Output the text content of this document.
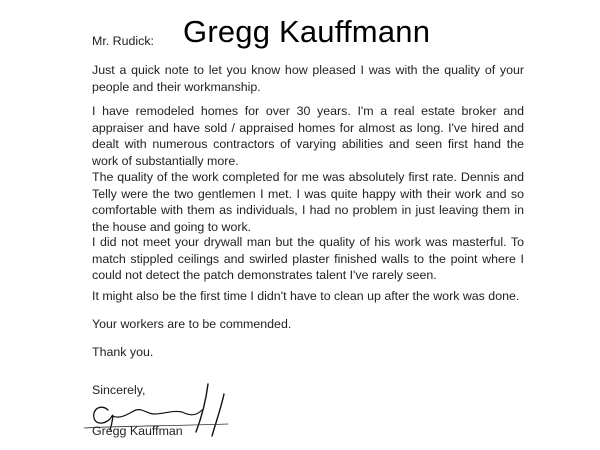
Gregg Kauffmann
Mr. Rudick:

Just a quick note to let you know how pleased I was with the quality of your people and their workmanship.

I have remodeled homes for over 30 years. I'm a real estate broker and appraiser and have sold / appraised homes for almost as long. I've hired and dealt with numerous contractors of varying abilities and seen first hand the work of substantially more.

The quality of the work completed for me was absolutely first rate. Dennis and Telly were the two gentlemen I met. I was quite happy with their work and so comfortable with them as individuals, I had no problem in just leaving them in the house and going to work.

I did not meet your drywall man but the quality of his work was masterful. To match stippled ceilings and swirled plaster finished walls to the point where I could not detect the patch demonstrates talent I've rarely seen.

It might also be the first time I didn't have to clean up after the work was done.

Your workers are to be commended.

Thank you.

Sincerely,
Gregg Kauffman
